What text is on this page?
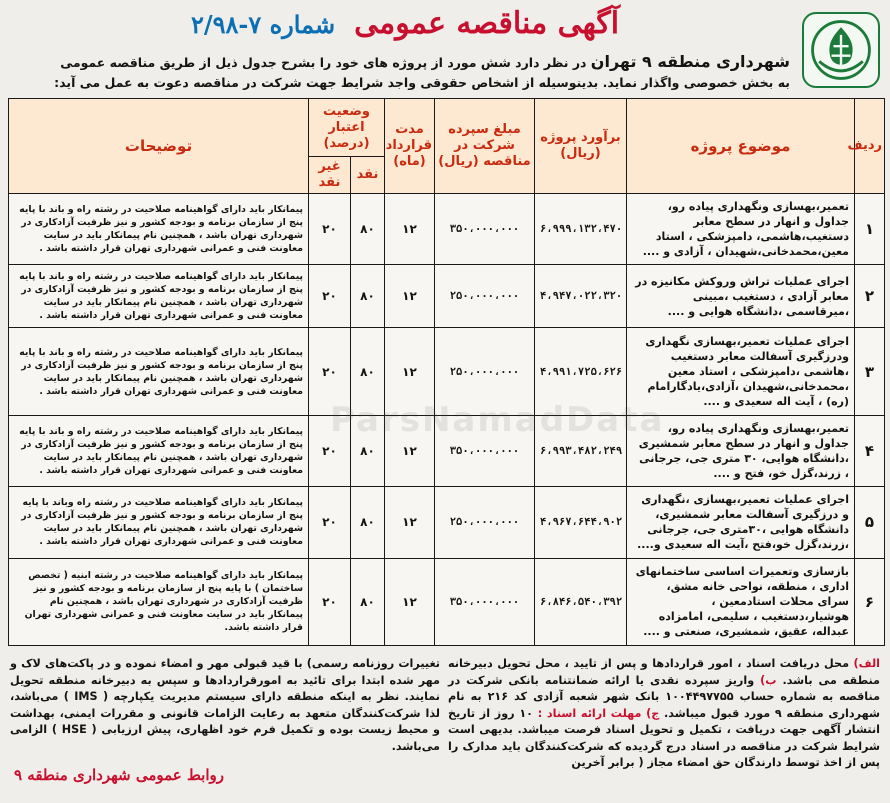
آگهی مناقصه عمومی شماره ۷-۲/۹۸
شهرداری منطقه ۹ تهران در نظر دارد شش مورد از پروژه های خود را بشرح جدول ذیل از طریق مناقصه عمومی
به بخش خصوصی واگذار نماید. بدینوسیله از اشخاص حقوقی واجد شرایط جهت شرکت در مناقصه دعوت به عمل می آید:
ردیف	موضوع پروژه	برآورد پروژه (ریال)	مبلغ سپرده شرکت در مناقصه (ریال)	مدت قرارداد (ماه)	وضعیت اعتبار (درصد)		توضیحات
					نقد	غیر نقد	
۱	تعمیر،بهسازی ونگهداری پیاده رو، جداول و انهار در سطح معابر دستغیب،هاشمی، دامپزشکی ، استاد معین،محمدخانی،شهیدان ، آزادی و ....	۶،۹۹۹،۱۳۲،۴۷۰	۳۵۰،۰۰۰،۰۰۰	۱۲	۸۰	۲۰	پیمانکار باید دارای گواهینامه صلاحیت در رشته راه و باند با پایه پنج از سازمان برنامه و بودجه کشور و نیز ظرفیت آزادکاری در شهرداری تهران باشد ، همچنین نام پیمانکار باید در سایت معاونت فنی و عمرانی شهرداری تهران قرار داشته باشد .
۲	اجرای عملیات تراش وروکش مکانیزه در معابر آزادی ، دستغیب ،مبینی ،میرقاسمی ،دانشگاه هوایی و ....	۴،۹۴۷،۰۲۲،۳۲۰	۲۵۰،۰۰۰،۰۰۰	۱۲	۸۰	۲۰	پیمانکار باید دارای گواهینامه صلاحیت در رشته راه و باند با پایه پنج از سازمان برنامه و بودجه کشور و نیز ظرفیت آزادکاری در شهرداری تهران باشد ، همچنین نام پیمانکار باید در سایت معاونت فنی و عمرانی شهرداری تهران قرار داشته باشد .
۳	اجرای عملیات تعمیر،بهسازی نگهداری ودرزگیری آسفالت معابر دستغیب ،هاشمی ،دامپزشکی ، استاد معین ،محمدخانی،شهیدان ،آزادی،یادگارامام (ره) ، آیت اله سعیدی و ....	۴،۹۹۱،۷۲۵،۶۲۶	۲۵۰،۰۰۰،۰۰۰	۱۲	۸۰	۲۰	پیمانکار باید دارای گواهینامه صلاحیت در رشته راه و باند با پایه پنج از سازمان برنامه و بودجه کشور و نیز ظرفیت آزادکاری در شهرداری تهران باشد ، همچنین نام پیمانکار باید در سایت معاونت فنی و عمرانی شهرداری تهران قرار داشته باشد .
۴	تعمیر،بهسازی ونگهداری پیاده رو، جداول و انهار در سطح معابر شمشیری ،دانشگاه هوایی، ۳۰ متری جی، جرجانی ، زرند،گزل خو، فتح و ....	۶،۹۹۳،۴۸۲،۲۴۹	۳۵۰،۰۰۰،۰۰۰	۱۲	۸۰	۲۰	پیمانکار باید دارای گواهینامه صلاحیت در رشته راه و باند با پایه پنج از سازمان برنامه و بودجه کشور و نیز ظرفیت آزادکاری در شهرداری تهران باشد ، همچنین نام پیمانکار باید در سایت معاونت فنی و عمرانی شهرداری تهران قرار داشته باشد .
۵	اجرای عملیات تعمیر،بهسازی ،نگهداری و درزگیری آسفالت معابر شمشیری، دانشگاه هوایی ،۳۰متری جی، جرجانی ،زرند،گزل خو،فتح ،آیت اله سعیدی و....	۴،۹۶۷،۶۴۴،۹۰۲	۲۵۰،۰۰۰،۰۰۰	۱۲	۸۰	۲۰	پیمانکار باید دارای گواهینامه صلاحیت در رشته راه وباند با پایه پنج از سازمان برنامه و بودجه کشور و نیز ظرفیت آزادکاری در شهرداری تهران باشد ، همچنین نام پیمانکار باید در سایت معاونت فنی و عمرانی شهرداری تهران قرار داشته باشد .
۶	بازسازی وتعمیرات اساسی ساختمانهای اداری ، منطقه، نواحی خانه مشق، سرای محلات استادمعین ، هوشیار،دستغیب ، سلیمی، امامزاده عبداله، عقیق، شمشیری، صنعتی و ....	۶،۸۴۶،۵۴۰،۳۹۲	۳۵۰،۰۰۰،۰۰۰	۱۲	۸۰	۲۰	پیمانکار باید دارای گواهینامه صلاحیت در رشته ابنیه ( تخصص ساختمان ) با پایه پنج از سازمان برنامه و بودجه کشور و نیز ظرفیت آزادکاری در شهرداری تهران باشد ، همچنین نام پیمانکار باید در سایت معاونت فنی و عمرانی شهرداری تهران قرار داشته باشد.
الف) محل دریافت اسناد ، امور قراردادها و پس از تایید ، محل تحویل دبیرخانه منطقه می باشد. ب) واریز سپرده نقدی یا ارائه ضمانتنامه بانکی شرکت در مناقصه به شماره حساب ۱۰۰۴۴۹۷۷۵۵ بانک شهر شعبه آزادی کد ۲۱۶ به نام شهرداری منطقه ۹ مورد قبول میباشد. ج) مهلت ارائه اسناد : ۱۰ روز از تاریخ انتشار آگهی جهت دریافت ، تکمیل و تحویل اسناد فرصت میباشد. بدیهی است شرایط شرکت در مناقصه در اسناد درج گردیده که شرکت‌کنندگان باید مدارک را پس از اخذ توسط دارندگان حق امضاء مجاز ( برابر آخرین
تغییرات روزنامه رسمی) با قید قبولی مهر و امضاء نموده و در پاکت‌های لاک و مهر شده ابتدا برای تائید به امورقراردادها و سپس به دبیرخانه منطقه تحویل نمایند. نظر به اینکه منطقه دارای سیستم مدیریت یکپارچه ( IMS ) می‌باشد، لذا شرکت‌کنندگان متعهد به رعایت الزامات قانونی و مقررات ایمنی، بهداشت و محیط زیست بوده و تکمیل فرم خود اظهاری، پیش ارزیابی ( HSE ) الزامی می‌باشد.
روابط عمومی شهرداری منطقه ۹
